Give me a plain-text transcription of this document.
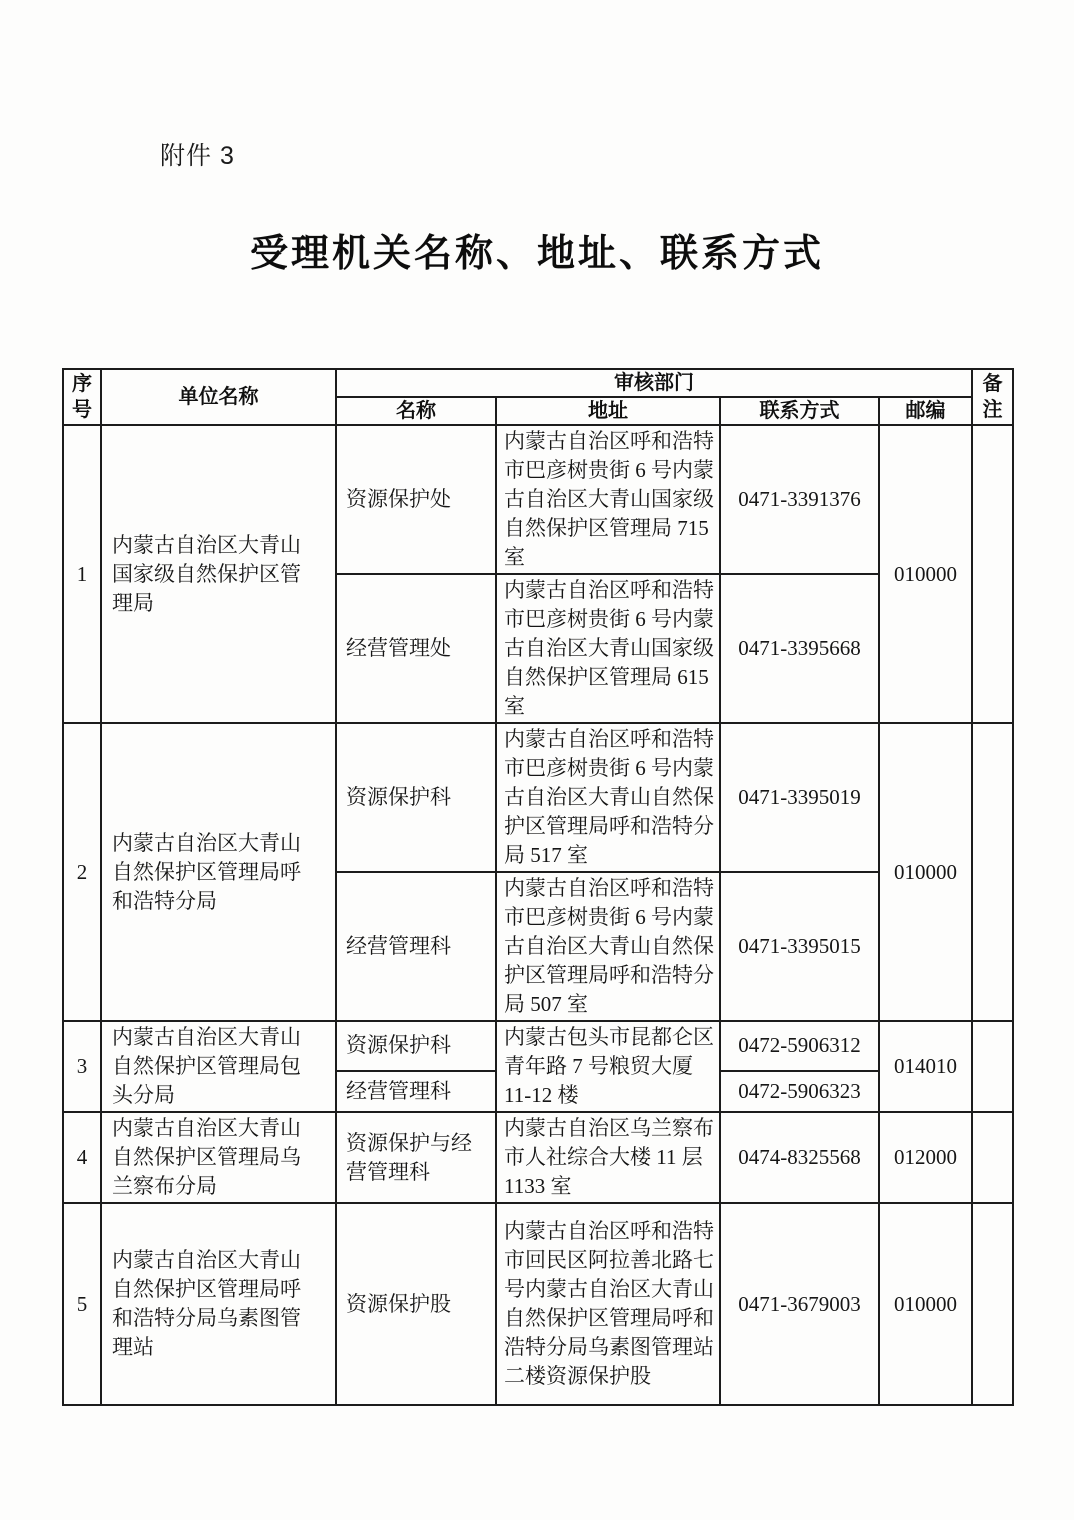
附件 3
受理机关名称、地址、联系方式
序号	单位名称	审核部门				备注
		名称	地址	联系方式	邮编	
1	内蒙古自治区大青山国家级自然保护区管理局	资源保护处	内蒙古自治区呼和浩特市巴彦树贵街 6 号内蒙古自治区大青山国家级自然保护区管理局 715 室	0471-3391376	010000	
		经营管理处	内蒙古自治区呼和浩特市巴彦树贵街 6 号内蒙古自治区大青山国家级自然保护区管理局 615 室	0471-3395668		
2	内蒙古自治区大青山自然保护区管理局呼和浩特分局	资源保护科	内蒙古自治区呼和浩特市巴彦树贵街 6 号内蒙古自治区大青山自然保护区管理局呼和浩特分局 517 室	0471-3395019	010000	
		经营管理科	内蒙古自治区呼和浩特市巴彦树贵街 6 号内蒙古自治区大青山自然保护区管理局呼和浩特分局 507 室	0471-3395015		
3	内蒙古自治区大青山自然保护区管理局包头分局	资源保护科	内蒙古包头市昆都仑区青年路 7 号粮贸大厦 11-12 楼	0472-5906312	014010	
		经营管理科		0472-5906323		
4	内蒙古自治区大青山自然保护区管理局乌兰察布分局	资源保护与经营管理科	内蒙古自治区乌兰察布市人社综合大楼 11 层 1133 室	0474-8325568	012000	
5	内蒙古自治区大青山自然保护区管理局呼和浩特分局乌素图管理站	资源保护股	内蒙古自治区呼和浩特市回民区阿拉善北路七号内蒙古自治区大青山自然保护区管理局呼和浩特分局乌素图管理站二楼资源保护股	0471-3679003	010000	
